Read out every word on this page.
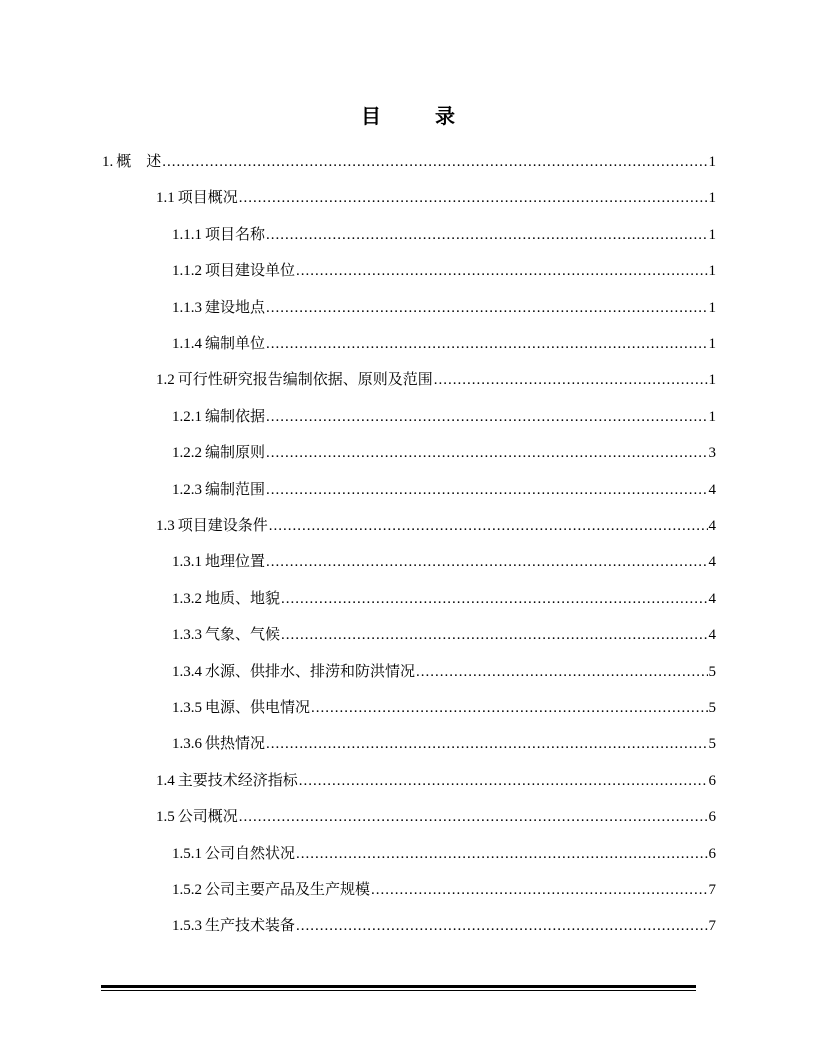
目	录
1. 概　述 .....	1
1.1 项目概况 .....	1
1.1.1 项目名称 .....	1
1.1.2 项目建设单位 .....	1
1.1.3 建设地点 .....	1
1.1.4 编制单位 .....	1
1.2 可行性研究报告编制依据、原则及范围 .....	1
1.2.1 编制依据 .....	1
1.2.2 编制原则 .....	3
1.2.3 编制范围 .....	4
1.3 项目建设条件 .....	4
1.3.1 地理位置 .....	4
1.3.2 地质、地貌 .....	4
1.3.3 气象、气候 .....	4
1.3.4 水源、供排水、排涝和防洪情况 .....	5
1.3.5 电源、供电情况 .....	5
1.3.6 供热情况 .....	5
1.4 主要技术经济指标 .....	6
1.5 公司概况 .....	6
1.5.1 公司自然状况 .....	6
1.5.2 公司主要产品及生产规模 .....	7
1.5.3 生产技术装备 .....	7
